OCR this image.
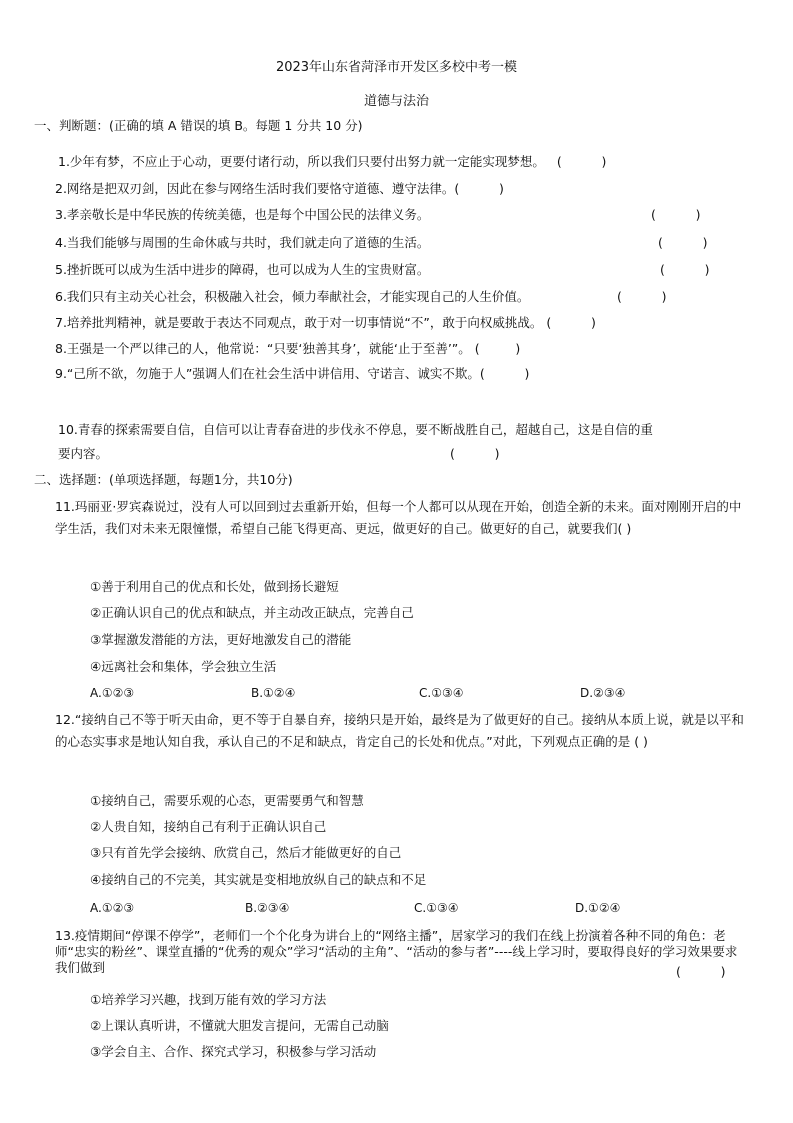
2023年山东省菏泽市开发区多校中考一模
道德与法治
一、判断题：(正确的填 A 错误的填 B。每题 1 分共 10 分)
1.少年有梦，不应止于心动，更要付诸行动，所以我们只要付出努力就一定能实现梦想。   (          )
2.网络是把双刃剑，因此在参与网络生活时我们要恪守道德、遵守法律。(          )
3.孝亲敬长是中华民族的传统美德，也是每个中国公民的法律义务。	(          )
4.当我们能够与周围的生命休戚与共时，我们就走向了道德的生活。	(          )
5.挫折既可以成为生活中进步的障碍，也可以成为人生的宝贵财富。	(          )
6.我们只有主动关心社会，积极融入社会，倾力奉献社会，才能实现自己的人生价值。	(          )
7.培养批判精神，就是要敢于表达不同观点，敢于对一切事情说“不”，敢于向权威挑战。 (          )
8.王强是一个严以律己的人，他常说：“只要‘独善其身’，就能‘止于至善’”。 (         )
9.“己所不欲，勿施于人”强调人们在社会生活中讲信用、守诺言、诚实不欺。(          )
10.青春的探索需要自信，自信可以让青春奋进的步伐永不停息，要不断战胜自己，超越自己，这是自信的重
要内容。	(          )
二、选择题：(单项选择题，每题1分，共10分)
11.玛丽亚·罗宾森说过，没有人可以回到过去重新开始，但每一个人都可以从现在开始，创造全新的未来。面对刚刚开启的中学生活，我们对未来无限憧憬，希望自己能飞得更高、更远，做更好的自己。做更好的自己，就要我们( )
①善于利用自己的优点和长处，做到扬长避短
②正确认识自己的优点和缺点，并主动改正缺点，完善自己
③掌握激发潜能的方法，更好地激发自己的潜能
④远离社会和集体，学会独立生活
A.①②③	B.①②④	C.①③④	D.②③④
12.“接纳自己不等于听天由命，更不等于自暴自弃，接纳只是开始，最终是为了做更好的自己。接纳从本质上说，就是以平和的心态实事求是地认知自我，承认自己的不足和缺点，肯定自己的长处和优点。”对此，下列观点正确的是 ( )
①接纳自己，需要乐观的心态，更需要勇气和智慧
②人贵自知，接纳自己有利于正确认识自己
③只有首先学会接纳、欣赏自己，然后才能做更好的自己
④接纳自己的不完美，其实就是变相地放纵自己的缺点和不足
A.①②③	B.②③④	C.①③④	D.①②④
13.疫情期间“停课不停学”，老师们一个个化身为讲台上的“网络主播”，居家学习的我们在线上扮演着各种不同的角色：老师“忠实的粉丝”、课堂直播的“优秀的观众”学习“活动的主角”、“活动的参与者”----线上学习时，要取得良好的学习效果要求我们做到	(          )
①培养学习兴趣，找到万能有效的学习方法
②上课认真听讲，不懂就大胆发言提问，无需自己动脑
③学会自主、合作、探究式学习，积极参与学习活动
